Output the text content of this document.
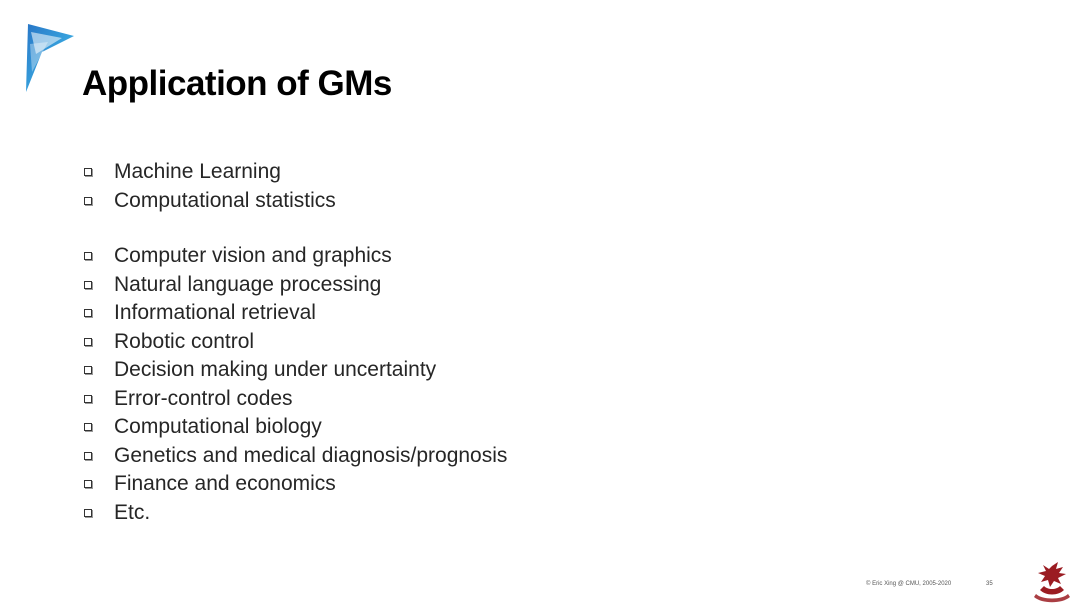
Application of GMs
Machine Learning
Computational statistics
Computer vision and graphics
Natural language processing
Informational retrieval
Robotic control
Decision making under uncertainty
Error-control codes
Computational biology
Genetics and medical diagnosis/prognosis
Finance and economics
Etc.
© Eric Xing @ CMU, 2005-2020	35
